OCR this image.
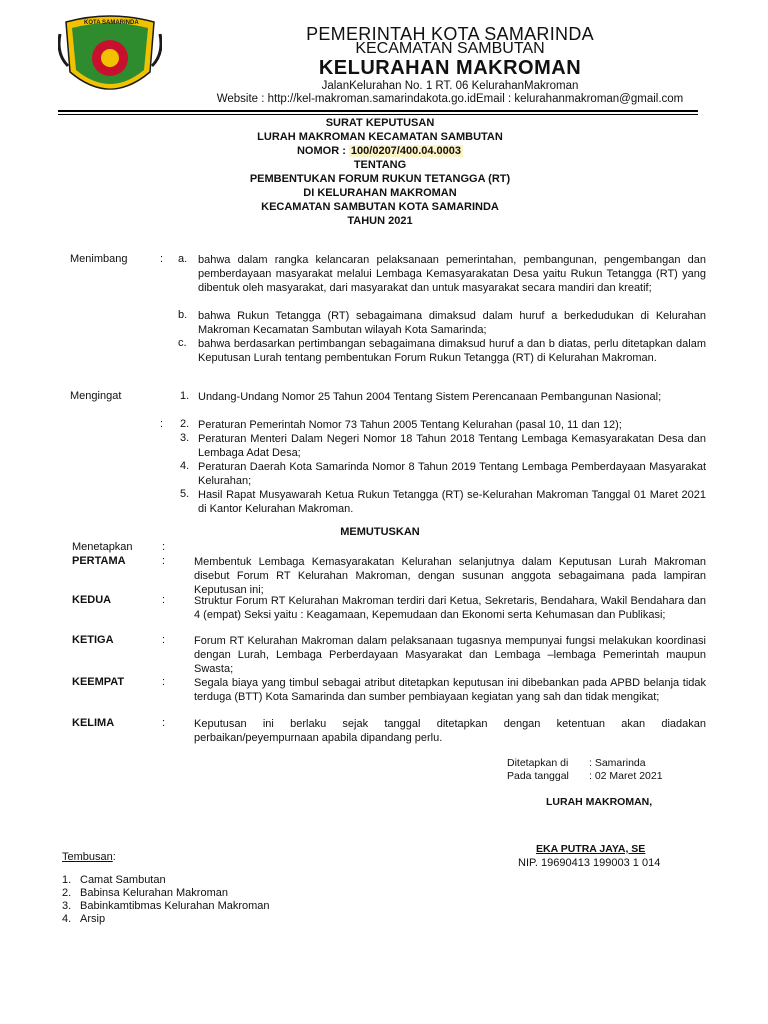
KOTA SAMARINDA
PEMERINTAH KOTA SAMARINDA
KECAMATAN SAMBUTAN
KELURAHAN MAKROMAN
JalanKelurahan No. 1 RT. 06 KelurahanMakroman
Website : http://kel-makroman.samarindakota.go.idEmail : kelurahanmakroman@gmail.com
SURAT KEPUTUSAN
LURAH MAKROMAN KECAMATAN SAMBUTAN
NOMOR : 100/0207/400.04.0003
TENTANG
PEMBENTUKAN FORUM RUKUN TETANGGA (RT)
DI KELURAHAN MAKROMAN
KECAMATAN SAMBUTAN KOTA SAMARINDA
TAHUN 2021
Menimbang	: a. bahwa dalam rangka kelancaran pelaksanaan pemerintahan, pembangunan, pengembangan dan pemberdayaan masyarakat melalui Lembaga Kemasyarakatan Desa yaitu Rukun Tetangga (RT) yang dibentuk oleh masyarakat, dari masyarakat dan untuk masyarakat secara mandiri dan kreatif;
b. bahwa Rukun Tetangga (RT) sebagaimana dimaksud dalam huruf a berkedudukan di Kelurahan Makroman Kecamatan Sambutan wilayah Kota Samarinda;
c. bahwa berdasarkan pertimbangan sebagaimana dimaksud huruf a dan b diatas, perlu ditetapkan dalam Keputusan Lurah tentang pembentukan Forum Rukun Tetangga (RT) di Kelurahan Makroman.
Mengingat
:
1. Undang-Undang Nomor 25 Tahun 2004 Tentang Sistem Perencanaan Pembangunan Nasional;
2. Peraturan Pemerintah Nomor 73 Tahun 2005 Tentang Kelurahan (pasal 10, 11 dan 12);
3. Peraturan Menteri Dalam Negeri Nomor 18 Tahun 2018 Tentang Lembaga Kemasyarakatan Desa dan Lembaga Adat Desa;
4. Peraturan Daerah Kota Samarinda Nomor 8 Tahun 2019 Tentang Lembaga Pemberdayaan Masyarakat Kelurahan;
5. Hasil Rapat Musyawarah Ketua Rukun Tetangga (RT) se-Kelurahan Makroman Tanggal 01 Maret 2021 di Kantor Kelurahan Makroman.
MEMUTUSKAN
Menetapkan	:
PERTAMA	:	Membentuk Lembaga Kemasyarakatan Kelurahan selanjutnya dalam Keputusan Lurah Makroman disebut Forum RT Kelurahan Makroman, dengan susunan anggota sebagaimana pada lampiran Keputusan ini;
KEDUA	:	Struktur Forum RT Kelurahan Makroman terdiri dari Ketua, Sekretaris, Bendahara, Wakil Bendahara dan 4 (empat) Seksi yaitu : Keagamaan, Kepemudaan dan Ekonomi serta Kehumasan dan Publikasi;
KETIGA	:	Forum RT Kelurahan Makroman dalam pelaksanaan tugasnya mempunyai fungsi melakukan koordinasi dengan Lurah, Lembaga Perberdayaan Masyarakat dan Lembaga –lembaga Pemerintah maupun Swasta;
KEEMPAT	:	Segala biaya yang timbul sebagai atribut ditetapkan keputusan ini dibebankan pada APBD belanja tidak terduga (BTT) Kota Samarinda dan sumber pembiayaan kegiatan yang sah dan tidak mengikat;
KELIMA	:	Keputusan ini berlaku sejak tanggal ditetapkan dengan ketentuan akan diadakan perbaikan/peyempurnaan apabila dipandang perlu.
Ditetapkan di : Samarinda
Pada tanggal : 02 Maret 2021
LURAH MAKROMAN,
EKA PUTRA JAYA, SE
NIP. 19690413 199003 1 014
Tembusan:
1. Camat Sambutan
2. Babinsa Kelurahan Makroman
3. Babinkamtibmas Kelurahan Makroman
4. Arsip
